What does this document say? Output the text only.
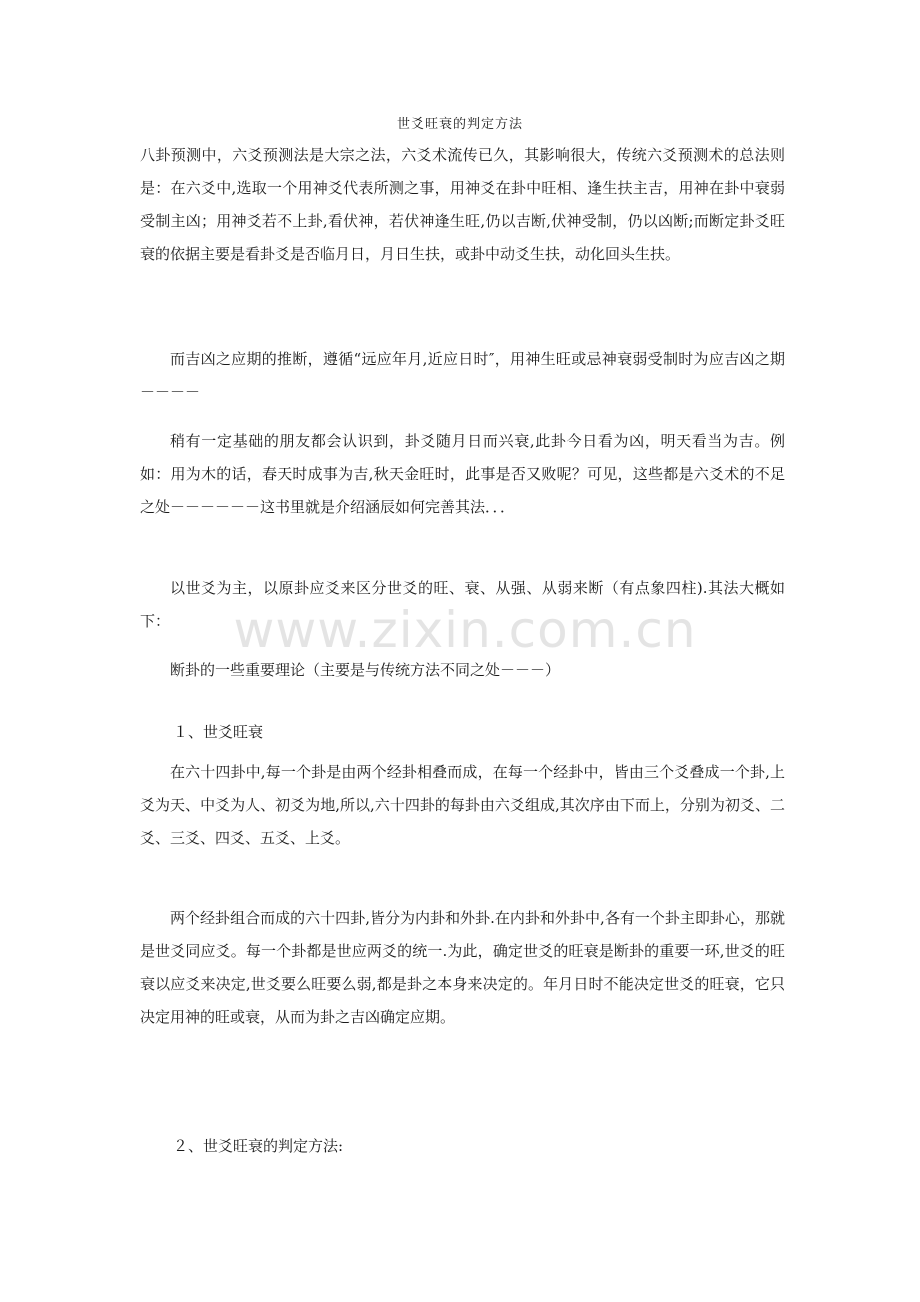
世爻旺衰的判定方法

八卦预测中，六爻预测法是大宗之法，六爻术流传已久，其影响很大，传统六爻预测术的总法则是：在六爻中,选取一个用神爻代表所测之事，用神爻在卦中旺相、逢生扶主吉，用神在卦中衰弱受制主凶；用神爻若不上卦,看伏神，若伏神逢生旺,仍以吉断,伏神受制，仍以凶断;而断定卦爻旺衰的依据主要是看卦爻是否临月日，月日生扶，或卦中动爻生扶，动化回头生扶。

而吉凶之应期的推断，遵循“远应年月,近应日时″，用神生旺或忌神衰弱受制时为应吉凶之期－－－－

稍有一定基础的朋友都会认识到，卦爻随月日而兴衰,此卦今日看为凶，明天看当为吉。例如：用为木的话，春天时成事为吉,秋天金旺时，此事是否又败呢？可见，这些都是六爻术的不足之处－－－－－－这书里就是介绍涵辰如何完善其法．．．

以世爻为主，以原卦应爻来区分世爻的旺、衰、从强、从弱来断（有点象四柱).其法大概如下：

断卦的一些重要理论（主要是与传统方法不同之处－－－）

１、世爻旺衰

在六十四卦中,每一个卦是由两个经卦相叠而成，在每一个经卦中，皆由三个爻叠成一个卦,上爻为天、中爻为人、初爻为地,所以,六十四卦的每卦由六爻组成,其次序由下而上，分别为初爻、二爻、三爻、四爻、五爻、上爻。

两个经卦组合而成的六十四卦,皆分为内卦和外卦.在内卦和外卦中,各有一个卦主即卦心，那就是世爻同应爻。每一个卦都是世应两爻的统一.为此，确定世爻的旺衰是断卦的重要一环,世爻的旺衰以应爻来决定,世爻要么旺要么弱,都是卦之本身来决定的。年月日时不能决定世爻的旺衰，它只决定用神的旺或衰，从而为卦之吉凶确定应期。

２、世爻旺衰的判定方法:
www.zixin.com.cn
